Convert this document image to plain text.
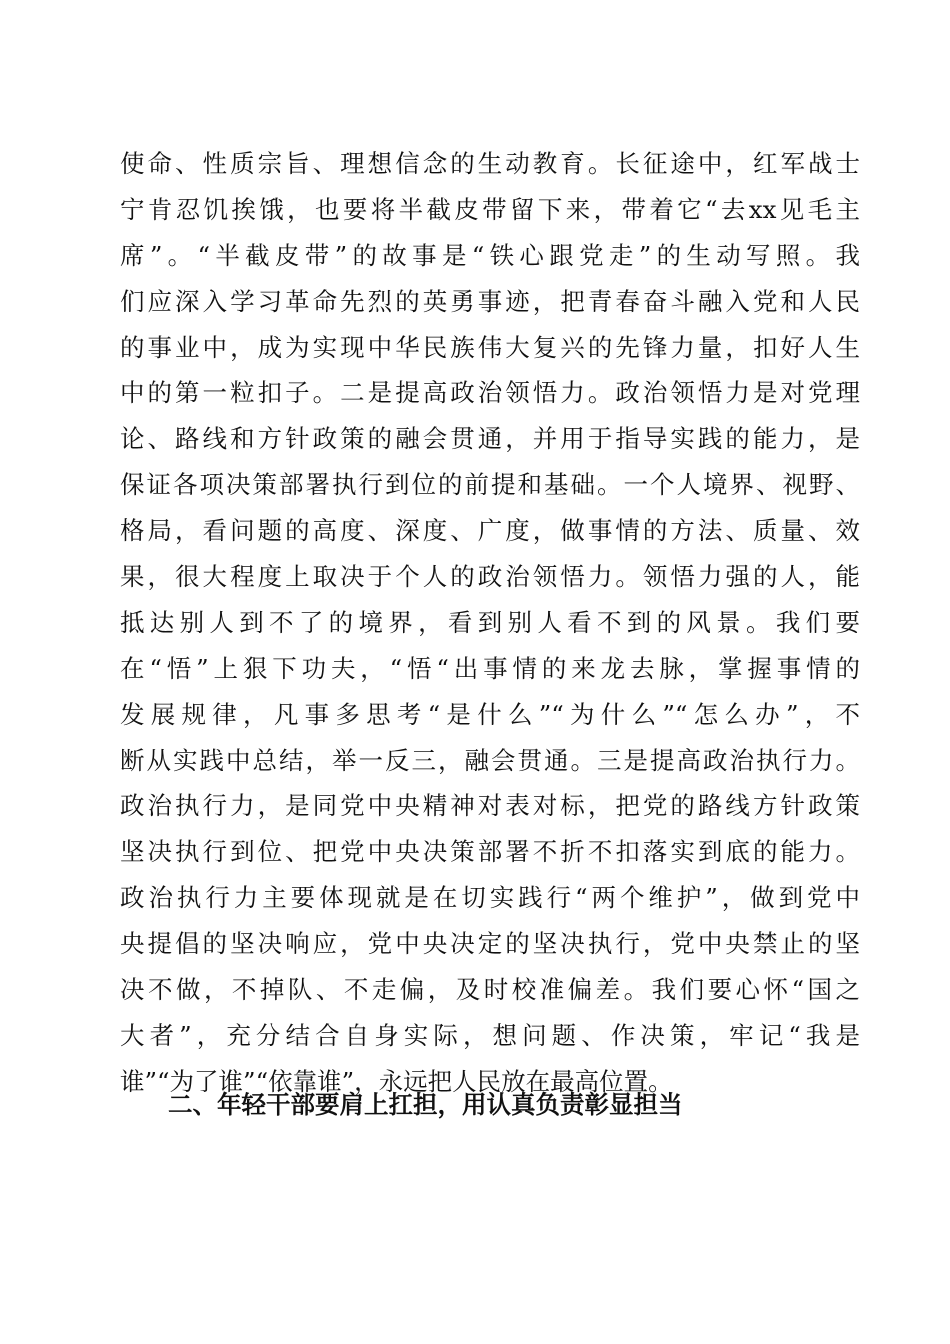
使命、性质宗旨、理想信念的生动教育。长征途中，红军战士
宁肯忍饥挨饿，也要将半截皮带留下来，带着它“去xx见毛主
席”。“半截皮带”的故事是“铁心跟党走”的生动写照。我
们应深入学习革命先烈的英勇事迹，把青春奋斗融入党和人民
的事业中，成为实现中华民族伟大复兴的先锋力量，扣好人生
中的第一粒扣子。二是提高政治领悟力。政治领悟力是对党理
论、路线和方针政策的融会贯通，并用于指导实践的能力，是
保证各项决策部署执行到位的前提和基础。一个人境界、视野、
格局，看问题的高度、深度、广度，做事情的方法、质量、效
果，很大程度上取决于个人的政治领悟力。领悟力强的人，能
抵达别人到不了的境界，看到别人看不到的风景。我们要
在“悟”上狠下功夫，“悟“出事情的来龙去脉，掌握事情的
发展规律，凡事多思考“是什么”“为什么”“怎么办”，不
断从实践中总结，举一反三，融会贯通。三是提高政治执行力。
政治执行力，是同党中央精神对表对标，把党的路线方针政策
坚决执行到位、把党中央决策部署不折不扣落实到底的能力。
政治执行力主要体现就是在切实践行“两个维护”，做到党中
央提倡的坚决响应，党中央决定的坚决执行，党中央禁止的坚
决不做，不掉队、不走偏，及时校准偏差。我们要心怀“国之
大者”，充分结合自身实际，想问题、作决策，牢记“我是
谁”“为了谁”“依靠谁”，永远把人民放在最高位置。
二、年轻干部要肩上扛担，用认真负责彰显担当
